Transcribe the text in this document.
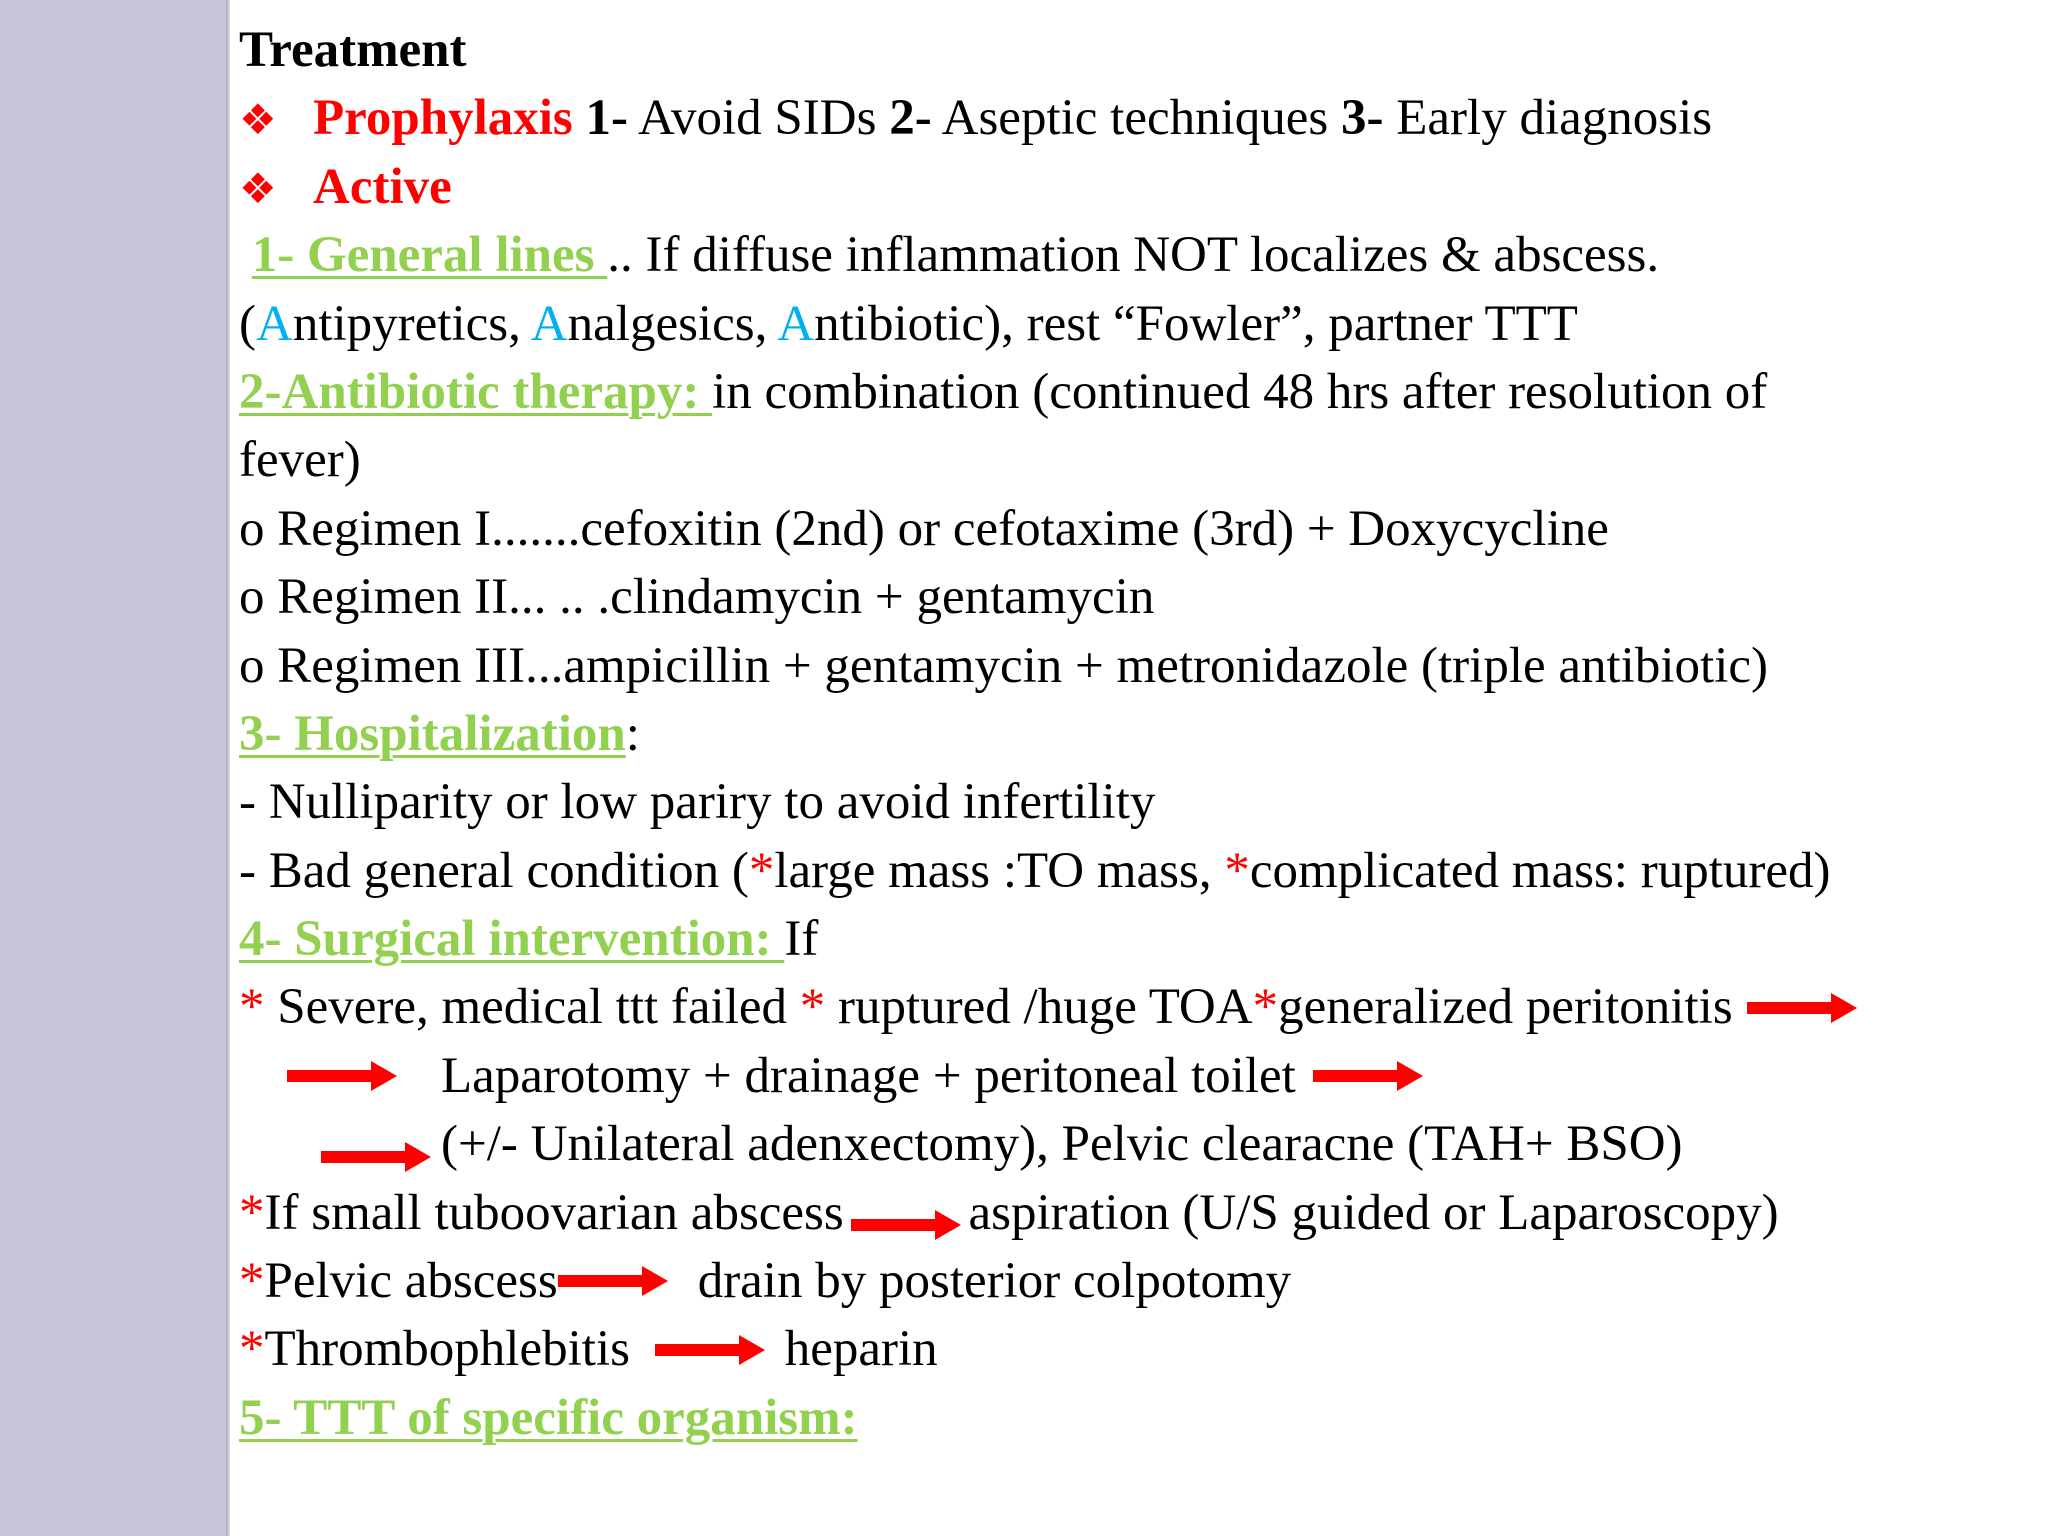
Treatment
❖ Prophylaxis 1- Avoid SIDs 2- Aseptic techniques 3- Early diagnosis
❖ Active
1- General lines .. If diffuse inflammation NOT localizes & abscess.
(Antipyretics, Analgesics, Antibiotic), rest “Fowler”, partner TTT
2-Antibiotic therapy: in combination (continued 48 hrs after resolution of
fever)
o Regimen I.......cefoxitin (2nd) or cefotaxime (3rd) + Doxycycline
o Regimen II... .. .clindamycin + gentamycin
o Regimen III...ampicillin + gentamycin + metronidazole (triple antibiotic)
3- Hospitalization:
- Nulliparity or low pariry to avoid infertility
- Bad general condition (*large mass :TO mass, *complicated mass: ruptured)
4- Surgical intervention: If
* Severe, medical ttt failed * ruptured /huge TOA*generalized peritonitis
Laparotomy + drainage + peritoneal toilet
(+/- Unilateral adenxectomy), Pelvic clearacne (TAH+ BSO)
*If small tuboovarian abscess aspiration (U/S guided or Laparoscopy)
*Pelvic abscess	drain by posterior colpotomy
*Thrombophlebitis	heparin
5- TTT of specific organism:
